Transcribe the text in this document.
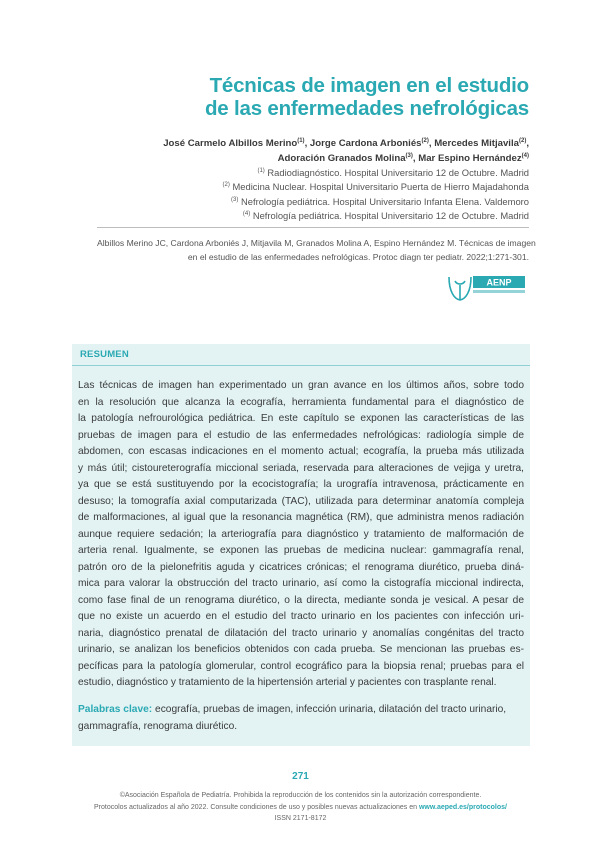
Técnicas de imagen en el estudio
de las enfermedades nefrológicas
José Carmelo Albillos Merino$^{(1)}$, Jorge Cardona Arboniés$^{(2)}$, Mercedes Mitjavila$^{(2)}$,
Adoración Granados Molina$^{(3)}$, Mar Espino Hernández$^{(4)}$
$^{(1)}$ Radiodiagnóstico. Hospital Universitario 12 de Octubre. Madrid
$^{(2)}$ Medicina Nuclear. Hospital Universitario Puerta de Hierro Majadahonda
$^{(3)}$ Nefrología pediátrica. Hospital Universitario Infanta Elena. Valdemoro
$^{(4)}$ Nefrología pediátrica. Hospital Universitario 12 de Octubre. Madrid
Albillos Merino JC, Cardona Arboniés J, Mitjavila M, Granados Molina A, Espino Hernández M. Técnicas de imagen
en el estudio de las enfermedades nefrológicas. Protoc diagn ter pediatr. 2022;1:271-301.
AENP
RESUMEN
Las técnicas de imagen han experimentado un gran avance en los últimos años, sobre todo
en la resolución que alcanza la ecografía, herramienta fundamental para el diagnóstico de
la patología nefrourológica pediátrica. En este capítulo se exponen las características de las
pruebas de imagen para el estudio de las enfermedades nefrológicas: radiología simple de
abdomen, con escasas indicaciones en el momento actual; ecografía, la prueba más utilizada
y más útil; cistoureterografía miccional seriada, reservada para alteraciones de vejiga y uretra,
ya que se está sustituyendo por la ecocistografía; la urografía intravenosa, prácticamente en
desuso; la tomografía axial computarizada (TAC), utilizada para determinar anatomía compleja
de malformaciones, al igual que la resonancia magnética (RM), que administra menos radiación
aunque requiere sedación; la arteriografía para diagnóstico y tratamiento de malformación de
arteria renal. Igualmente, se exponen las pruebas de medicina nuclear: gammagrafía renal,
patrón oro de la pielonefritis aguda y cicatrices crónicas; el renograma diurético, prueba diná-
mica para valorar la obstrucción del tracto urinario, así como la cistografía miccional indirecta,
como fase final de un renograma diurético, o la directa, mediante sonda je vesical. A pesar de
que no existe un acuerdo en el estudio del tracto urinario en los pacientes con infección uri-
naria, diagnóstico prenatal de dilatación del tracto urinario y anomalías congénitas del tracto
urinario, se analizan los beneficios obtenidos con cada prueba. Se mencionan las pruebas es-
pecíficas para la patología glomerular, control ecográfico para la biopsia renal; pruebas para el
estudio, diagnóstico y tratamiento de la hipertensión arterial y pacientes con trasplante renal.
Palabras clave: ecografía, pruebas de imagen, infección urinaria, dilatación del tracto urinario,
gammagrafía, renograma diurético.
271
©Asociación Española de Pediatría. Prohibida la reproducción de los contenidos sin la autorización correspondiente.
Protocolos actualizados al año 2022. Consulte condiciones de uso y posibles nuevas actualizaciones en www.aeped.es/protocolos/
ISSN 2171-8172
